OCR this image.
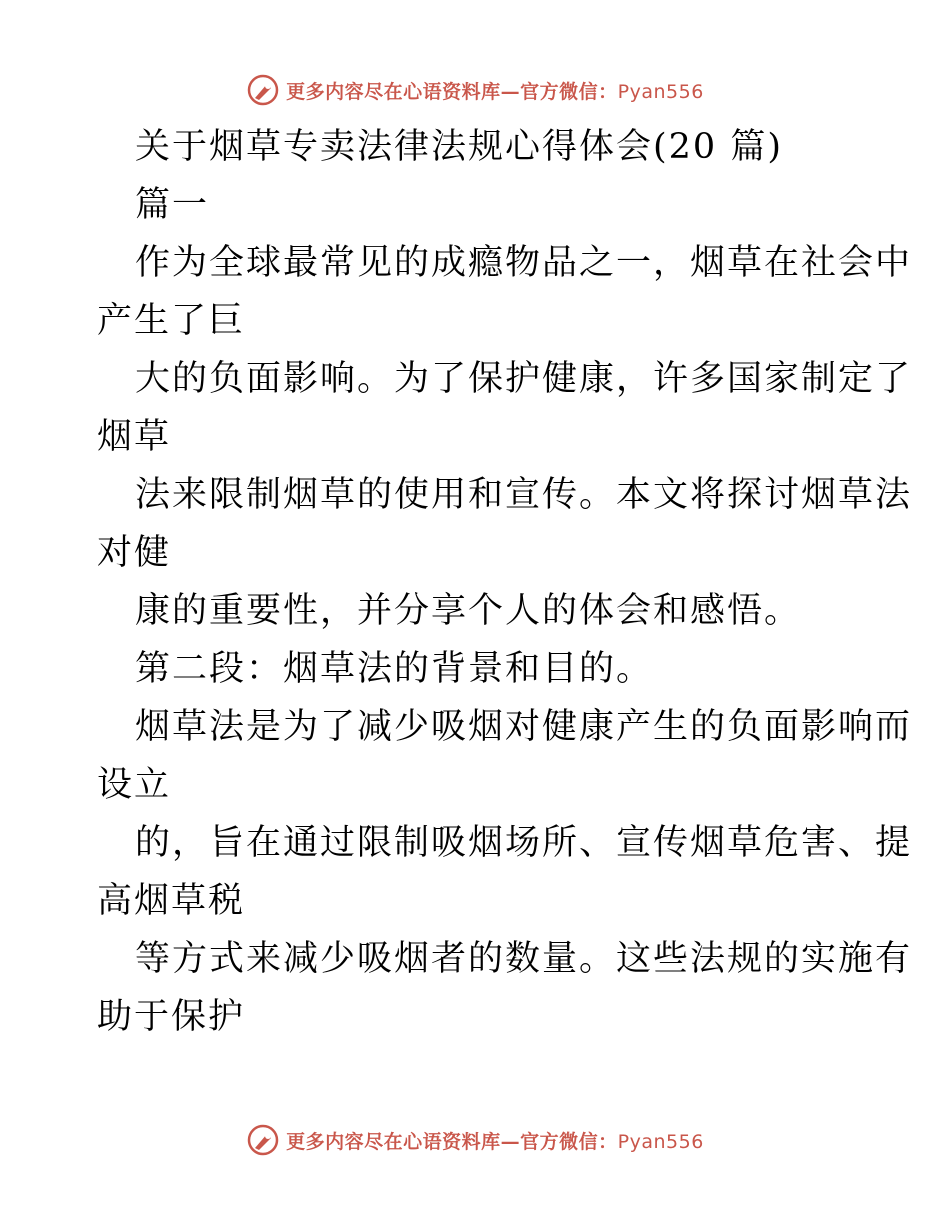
更多内容尽在心语资料库—官方微信：Pyan556
关于烟草专卖法律法规心得体会(20 篇)
篇一
作为全球最常见的成瘾物品之一，烟草在社会中
产生了巨
大的负面影响。为了保护健康，许多国家制定了
烟草
法来限制烟草的使用和宣传。本文将探讨烟草法
对健
康的重要性，并分享个人的体会和感悟。
第二段：烟草法的背景和目的。
烟草法是为了减少吸烟对健康产生的负面影响而
设立
的，旨在通过限制吸烟场所、宣传烟草危害、提
高烟草税
等方式来减少吸烟者的数量。这些法规的实施有
助于保护
更多内容尽在心语资料库—官方微信：Pyan556
